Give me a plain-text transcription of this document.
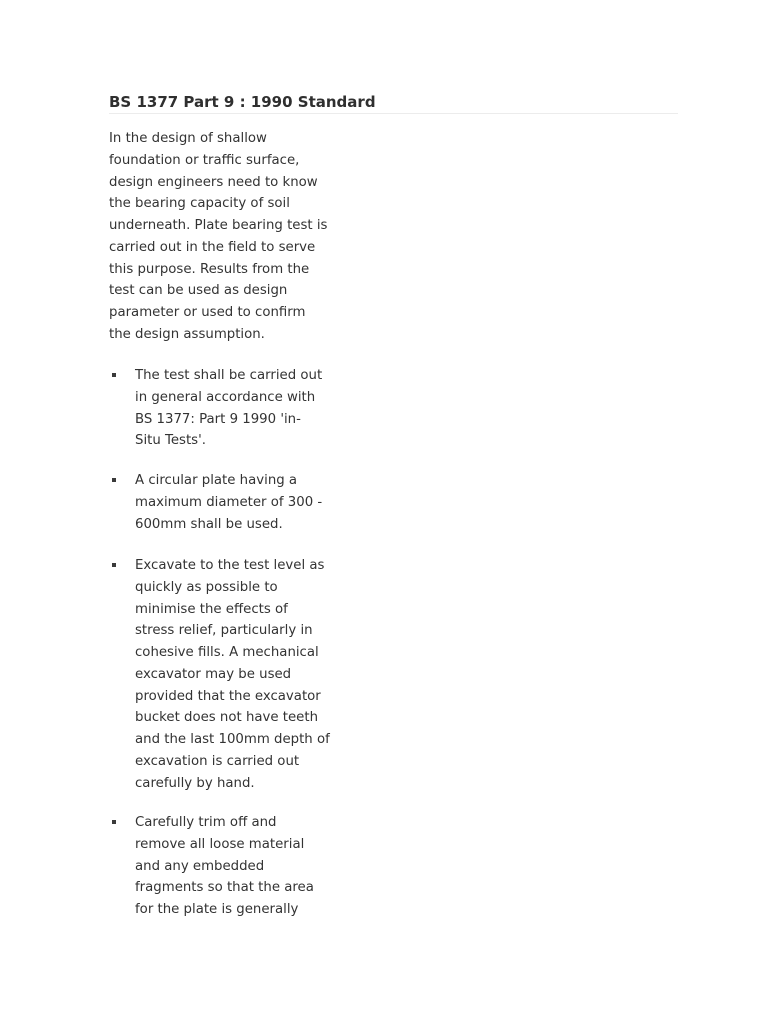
BS 1377 Part 9 : 1990 Standard

In the design of shallow
foundation or traffic surface,
design engineers need to know
the bearing capacity of soil
underneath. Plate bearing test is
carried out in the field to serve
this purpose. Results from the
test can be used as design
parameter or used to confirm
the design assumption.

The test shall be carried out
in general accordance with
BS 1377: Part 9 1990 'in-
Situ Tests'.
A circular plate having a
maximum diameter of 300 -
600mm shall be used.
Excavate to the test level as
quickly as possible to
minimise the effects of
stress relief, particularly in
cohesive fills. A mechanical
excavator may be used
provided that the excavator
bucket does not have teeth
and the last 100mm depth of
excavation is carried out
carefully by hand.
Carefully trim off and
remove all loose material
and any embedded
fragments so that the area
for the plate is generally
